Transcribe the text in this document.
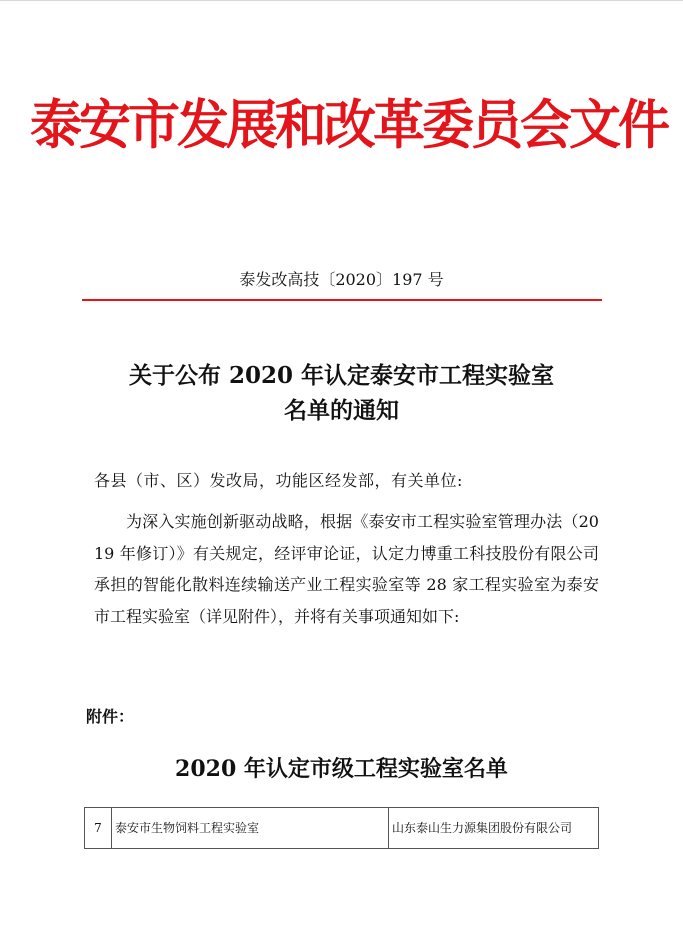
泰安市发展和改革委员会文件
泰发改高技〔2020〕197 号
关于公布 2020 年认定泰安市工程实验室
名单的通知
各县（市、区）发改局，功能区经发部，有关单位:
为深入实施创新驱动战略，根据《泰安市工程实验室管理办法（2019 年修订）》有关规定，经评审论证，认定力博重工科技股份有限公司承担的智能化散料连续输送产业工程实验室等 28 家工程实验室为泰安市工程实验室（详见附件），并将有关事项通知如下:
附件：
2020 年认定市级工程实验室名单
7	泰安市生物饲料工程实验室	山东泰山生力源集团股份有限公司
